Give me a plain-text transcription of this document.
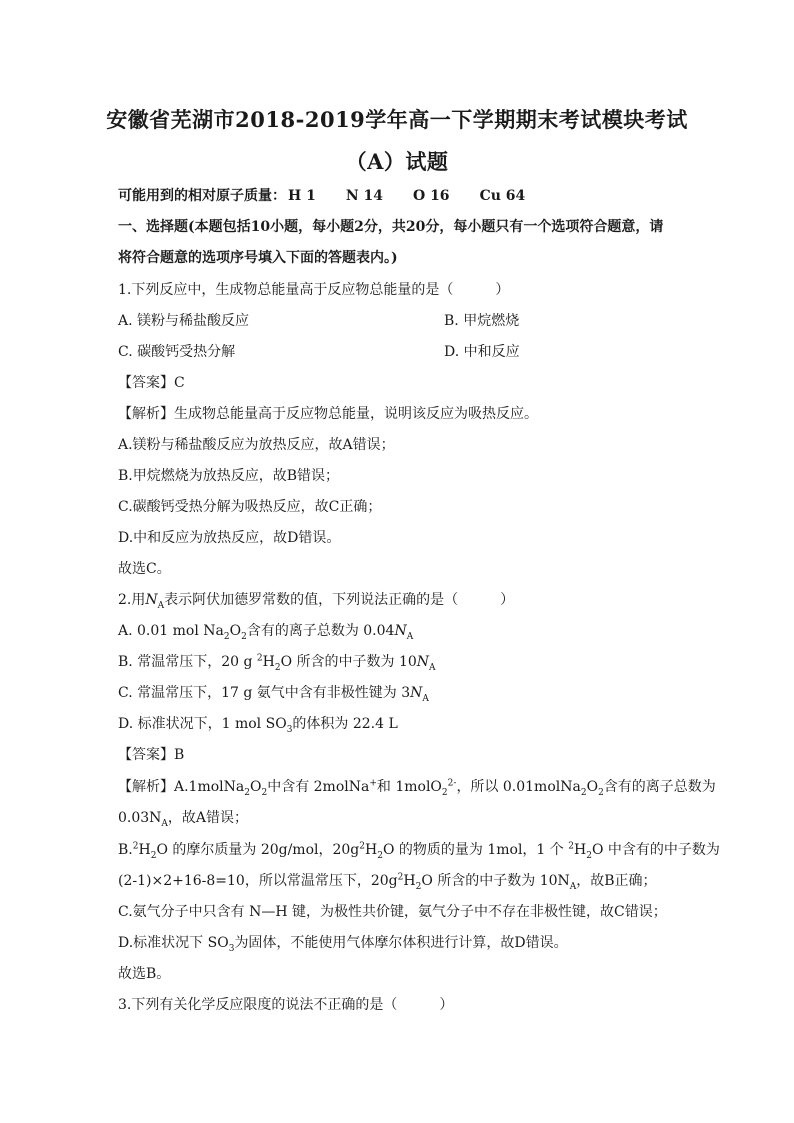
安徽省芜湖市2018-2019学年高一下学期期末考试模块考试
（A）试题
可能用到的相对原子质量： H 1 N 14 O 16 Cu 64
一、选择题(本题包括10小题，每小题2分，共20分，每小题只有一个选项符合题意，请
将符合题意的选项序号填入下面的答题表内。)
1.下列反应中，生成物总能量高于反应物总能量的是（　　　）
A. 镁粉与稀盐酸反应	B. 甲烷燃烧
C. 碳酸钙受热分解	D. 中和反应
【答案】C
【解析】生成物总能量高于反应物总能量，说明该反应为吸热反应。
A.镁粉与稀盐酸反应为放热反应，故A错误；
B.甲烷燃烧为放热反应，故B错误；
C.碳酸钙受热分解为吸热反应，故C正确；
D.中和反应为放热反应，故D错误。
故选C。
2.用$N_A$表示阿伏加德罗常数的值，下列说法正确的是（　　　）
A. 0.01 mol $Na_2O_2$含有的离子总数为 $0.04N_A$
B. 常温常压下，20 g $^2H_2O$ 所含的中子数为 $10N_A$
C. 常温常压下，17 g 氨气中含有非极性键为 $3N_A$
D. 标准状况下，1 mol $SO_3$的体积为 22.4 L
【答案】B
【解析】$A.1molNa_2O_2$中含有 2molNa+和 1molO$_2^{2-}$，所以 $0.01molNa_2O_2$含有的离子总数为
$0.03N_A$，故A错误；
$B.^2H_2O$ 的摩尔质量为 20g/mol，$20g^2H_2O$ 的物质的量为 1mol，1 个 $^2H_2O$ 中含有的中子数为
(2-1)×2+16-8=10，所以常温常压下，$20g^2H_2O$ 所含的中子数为 $10N_A$，故B正确；
C.氨气分子中只含有 N—H 键，为极性共价键，氨气分子中不存在非极性键，故C错误；
D.标准状况下 $SO_3$为固体，不能使用气体摩尔体积进行计算，故D错误。
故选B。
3.下列有关化学反应限度的说法不正确的是（　　　）
